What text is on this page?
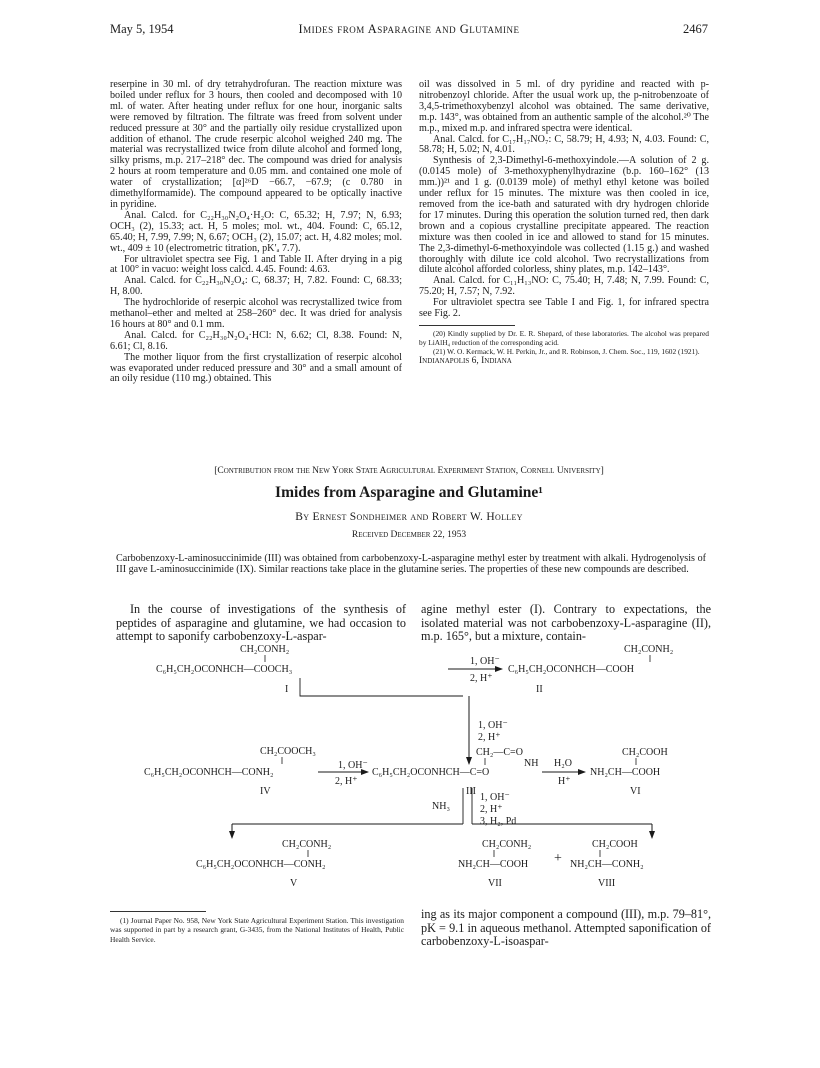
May 5, 1954	Imides from Asparagine and Glutamine	2467

reserpine in 30 ml. of dry tetrahydrofuran. The reaction mixture was boiled under reflux for 3 hours, then cooled and decomposed with 10 ml. of water. After heating under reflux for one hour, inorganic salts were removed by filtration. The filtrate was freed from solvent under reduced pressure at 30° and the partially oily residue crystallized upon addition of ethanol. The crude reserpic alcohol weighed 240 mg. The material was recrystallized twice from dilute alcohol and formed long, silky prisms, m.p. 217–218° dec. The compound was dried for analysis 2 hours at room temperature and 0.05 mm. and contained one mole of water of crystallization; [α]²⁶D −66.7, −67.9; (c 0.780 in dimethylformamide). The compound appeared to be optically inactive in pyridine.

Anal. Calcd. for C₂₂H₃₀N₂O₄·H₂O: C, 65.32; H, 7.97; N, 6.93; OCH₃ (2), 15.33; act. H, 5 moles; mol. wt., 404. Found: C, 65.12, 65.40; H, 7.99, 7.99; N, 6.67; OCH₃ (2), 15.07; act. H, 4.82 moles; mol. wt., 409 ± 10 (electrometric titration, pK′ₐ 7.7).

For ultraviolet spectra see Fig. 1 and Table II. After drying in a pig at 100° in vacuo: weight loss calcd. 4.45. Found: 4.63.

Anal. Calcd. for C₂₂H₃₀N₂O₄: C, 68.37; H, 7.82. Found: C, 68.33; H, 8.00.

The hydrochloride of reserpic alcohol was recrystallized twice from methanol–ether and melted at 258–260° dec. It was dried for analysis 16 hours at 80° and 0.1 mm.

Anal. Calcd. for C₂₂H₃₀N₂O₄·HCl: N, 6.62; Cl, 8.38. Found: N, 6.61; Cl, 8.16.

The mother liquor from the first crystallization of reserpic alcohol was evaporated under reduced pressure and 30° and a small amount of an oily residue (110 mg.) obtained. This

oil was dissolved in 5 ml. of dry pyridine and reacted with p-nitrobenzoyl chloride. After the usual work up, the p-nitrobenzoate of 3,4,5-trimethoxybenzyl alcohol was obtained. The same derivative, m.p. 143°, was obtained from an authentic sample of the alcohol.²⁰ The m.p., mixed m.p. and infrared spectra were identical.

Anal. Calcd. for C₁₇H₁₇NO₇: C, 58.79; H, 4.93; N, 4.03. Found: C, 58.78; H, 5.02; N, 4.01.

Synthesis of 2,3-Dimethyl-6-methoxyindole.—A solution of 2 g. (0.0145 mole) of 3-methoxyphenylhydrazine (b.p. 160–162° (13 mm.))²¹ and 1 g. (0.0139 mole) of methyl ethyl ketone was boiled under reflux for 15 minutes. The mixture was then cooled in ice, removed from the ice-bath and saturated with dry hydrogen chloride for 17 minutes. During this operation the solution turned red, then dark brown and a copious crystalline precipitate appeared. The reaction mixture was then cooled in ice and allowed to stand for 15 minutes. The 2,3-dimethyl-6-methoxyindole was collected (1.15 g.) and washed thoroughly with dilute ice cold alcohol. Two recrystallizations from dilute alcohol afforded colorless, shiny plates, m.p. 142–143°.

Anal. Calcd. for C₁₁H₁₃NO: C, 75.40; H, 7.48; N, 7.99. Found: C, 75.20; H, 7.57; N, 7.92.

For ultraviolet spectra see Table I and Fig. 1, for infrared spectra see Fig. 2.

(20) Kindly supplied by Dr. E. R. Shepard, of these laboratories. The alcohol was prepared by LiAlH₄ reduction of the corresponding acid.

(21) W. O. Kermack, W. H. Perkin, Jr., and R. Robinson, J. Chem. Soc., 119, 1602 (1921).

Indianapolis 6, Indiana

[Contribution from the New York State Agricultural Experiment Station, Cornell University]
Imides from Asparagine and Glutamine¹
By Ernest Sondheimer and Robert W. Holley
Received December 22, 1953

Carbobenzoxy-L-aminosuccinimide (III) was obtained from carbobenzoxy-L-asparagine methyl ester by treatment with alkali. Hydrogenolysis of III gave L-aminosuccinimide (IX). Similar reactions take place in the glutamine series. The properties of these new compounds are described.

In the course of investigations of the synthesis of peptides of asparagine and glutamine, we had occasion to attempt to saponify carbobenzoxy-L-aspar-
agine methyl ester (I). Contrary to expectations, the isolated material was not carbobenzoxy-L-asparagine (II), m.p. 165°, but a mixture, contain-
CH₂CONH₂
C₆H₅CH₂OCONHCH—COOCH₃
I
1, OH⁻
2, H⁺
CH₂CONH₂
C₆H₅CH₂OCONHCH—COOH
II
1, OH⁻
2, H⁺
CH₂COOCH₃
C₆H₅CH₂OCONHCH—CONH₂
IV
1, OH⁻
2, H⁺
CH₂—C=O
NH
C₆H₅CH₂OCONHCH—C=O
III
H₂O
H⁺
CH₂COOH
NH₂CH—COOH
VI
NH₃
1, OH⁻
2, H⁺
3, H₂, Pd
CH₂CONH₂
C₆H₅CH₂OCONHCH—CONH₂
V
CH₂CONH₂
NH₂CH—COOH
VII
+
CH₂COOH
NH₂CH—CONH₂
VIII
(1) Journal Paper No. 958, New York State Agricultural Experiment Station. This investigation was supported in part by a research grant, G-3435, from the National Institutes of Health, Public Health Service.
ing as its major component a compound (III), m.p. 79–81°, pK = 9.1 in aqueous methanol. Attempted saponification of carbobenzoxy-L-isoaspar-
